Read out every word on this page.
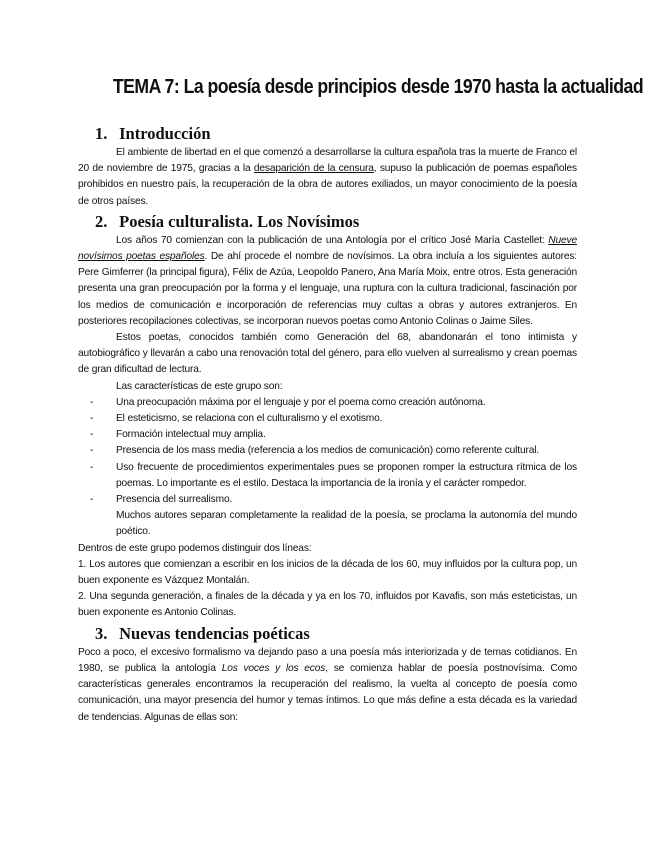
TEMA 7: La poesía desde principios desde 1970 hasta la actualidad
1. Introducción

El ambiente de libertad en el que comenzó a desarrollarse la cultura española tras la muerte de Franco el 20 de noviembre de 1975, gracias a la desaparición de la censura, supuso la publicación de poemas españoles prohibidos en nuestro país, la recuperación de la obra de autores exiliados, un mayor conocimiento de la poesía de otros países.

2. Poesía culturalista. Los Novísimos

Los años 70 comienzan con la publicación de una Antología por el crítico José María Castellet: Nueve novísimos poetas españoles. De ahí procede el nombre de novísimos. La obra incluía a los siguientes autores: Pere Gimferrer (la principal figura), Félix de Azúa, Leopoldo Panero, Ana María Moix, entre otros. Esta generación presenta una gran preocupación por la forma y el lenguaje, una ruptura con la cultura tradicional, fascinación por los medios de comunicación e incorporación de referencias muy cultas a obras y autores extranjeros. En posteriores recopilaciones colectivas, se incorporan nuevos poetas como Antonio Colinas o Jaime Siles.

Estos poetas, conocidos también como Generación del 68, abandonarán el tono intimista y autobiográfico y llevarán a cabo una renovación total del género, para ello vuelven al surrealismo y crean poemas de gran dificultad de lectura.

Las características de este grupo son:

-	Una preocupación máxima por el lenguaje y por el poema como creación autónoma.
-	El esteticismo, se relaciona con el culturalismo y el exotismo.
-	Formación intelectual muy amplia.
-	Presencia de los mass media (referencia a los medios de comunicación) como referente cultural.
-	Uso frecuente de procedimientos experimentales pues se proponen romper la estructura rítmica de los poemas. Lo importante es el estilo. Destaca la importancia de la ironía y el carácter rompedor.
-	Presencia del surrealismo.

Muchos autores separan completamente la realidad de la poesía, se proclama la autonomía del mundo poético.

Dentros de este grupo podemos distinguir dos líneas:

1. Los autores que comienzan a escribir en los inicios de la década de los 60, muy influidos por la cultura pop, un buen exponente es Vázquez Montalán.

2. Una segunda generación, a finales de la década y ya en los 70, influidos por Kavafis, son más esteticistas, un buen exponente es Antonio Colinas.

3. Nuevas tendencias poéticas

Poco a poco, el excesivo formalismo va dejando paso a una poesía más interiorizada y de temas cotidianos. En 1980, se publica la antología Los voces y los ecos, se comienza hablar de poesía postnovísima. Como características generales encontramos la recuperación del realismo, la vuelta al concepto de poesía como comunicación, una mayor presencia del humor y temas íntimos. Lo que más define a esta década es la variedad de tendencias. Algunas de ellas son:
